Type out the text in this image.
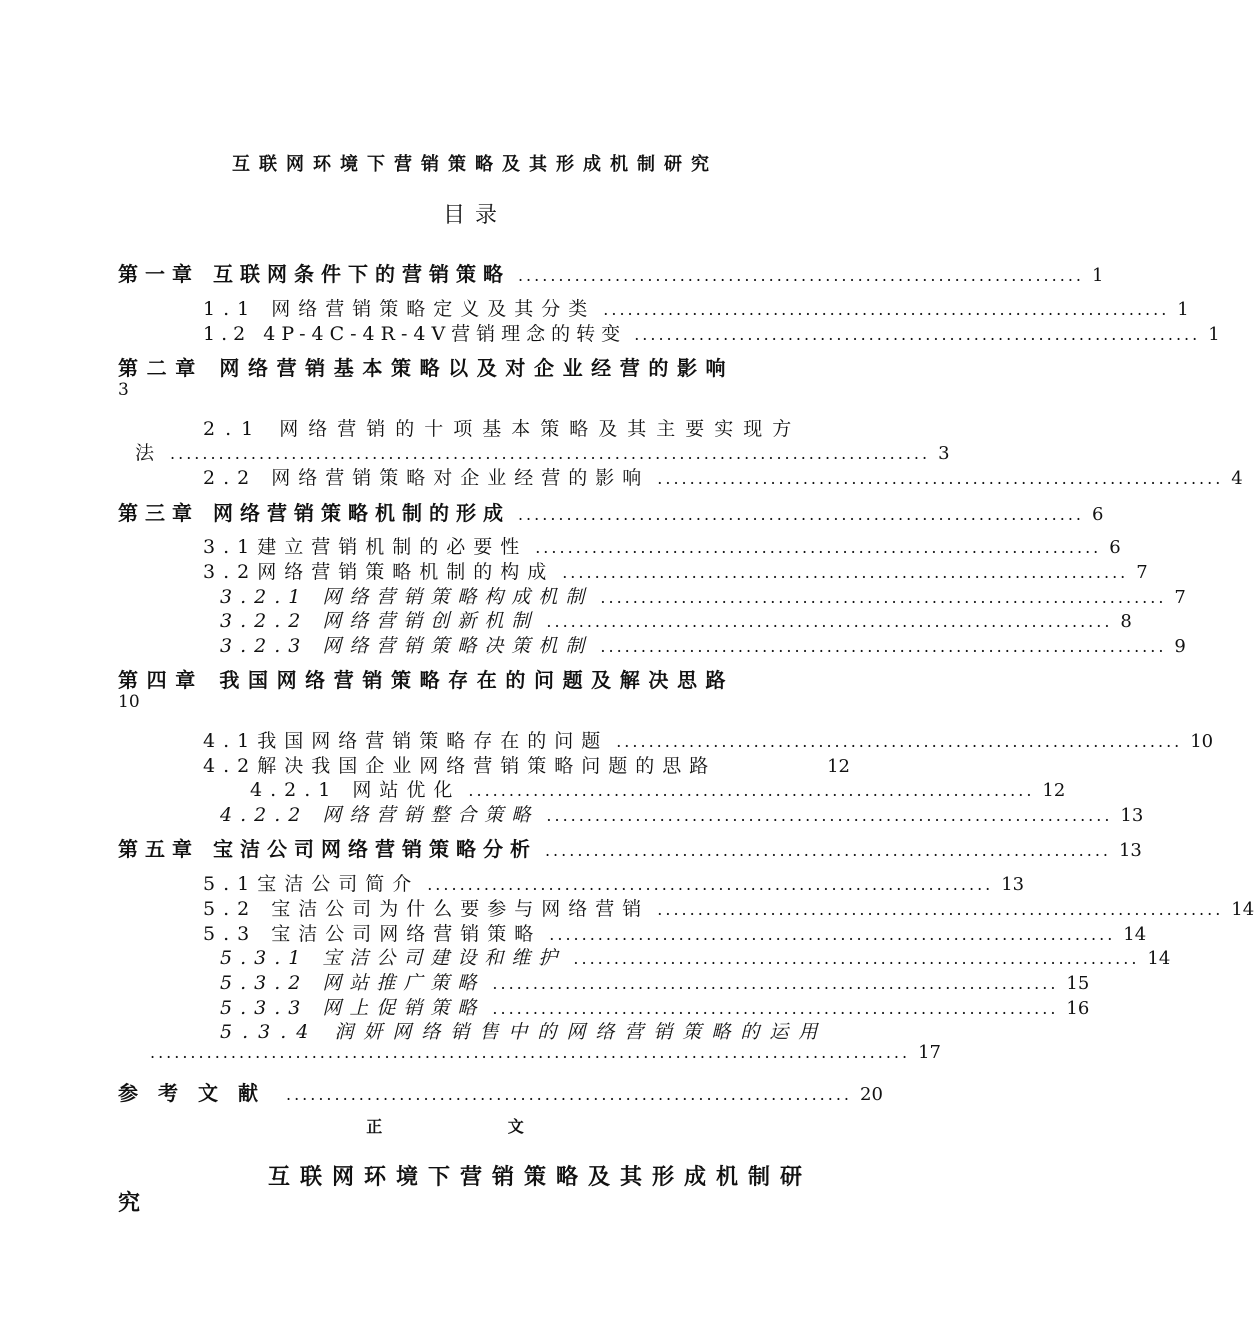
互联网环境下营销策略及其形成机制研究
目录
第一章 互联网条件下的营销策略 ...................................................................... 1
1.1 网络营销策略定义及其分类 ...................................................................... 1
1.2 4P-4C-4R-4V营销理念的转变 ...................................................................... 1
第二章 网络营销基本策略以及对企业经营的影响
3
2.1 网络营销的十项基本策略及其主要实现方
法 .............................................................................................. 3
2.2 网络营销策略对企业经营的影响 ...................................................................... 4
第三章 网络营销策略机制的形成 ...................................................................... 6
3.1建立营销机制的必要性 ...................................................................... 6
3.2网络营销策略机制的构成 ...................................................................... 7
3.2.1 网络营销策略构成机制 ...................................................................... 7
3.2.2 网络营销创新机制 ...................................................................... 8
3.2.3 网络营销策略决策机制 ...................................................................... 9
第四章 我国网络营销策略存在的问题及解决思路
10
4.1我国网络营销策略存在的问题 ...................................................................... 10
4.2解决我国企业网络营销策略问题的思路	12
4.2.1 网站优化 ...................................................................... 12
4.2.2 网络营销整合策略 ...................................................................... 13
第五章 宝洁公司网络营销策略分析 ...................................................................... 13
5.1宝洁公司简介 ...................................................................... 13
5.2 宝洁公司为什么要参与网络营销 ...................................................................... 14
5.3 宝洁公司网络营销策略 ...................................................................... 14
5.3.1 宝洁公司建设和维护 ...................................................................... 14
5.3.2 网站推广策略 ...................................................................... 15
5.3.3 网上促销策略 ...................................................................... 16
5.3.4 润妍网络销售中的网络营销策略的运用
.............................................................................................. 17
参考文献 ...................................................................... 20
正 文
互联网环境下营销策略及其形成机制研
究
